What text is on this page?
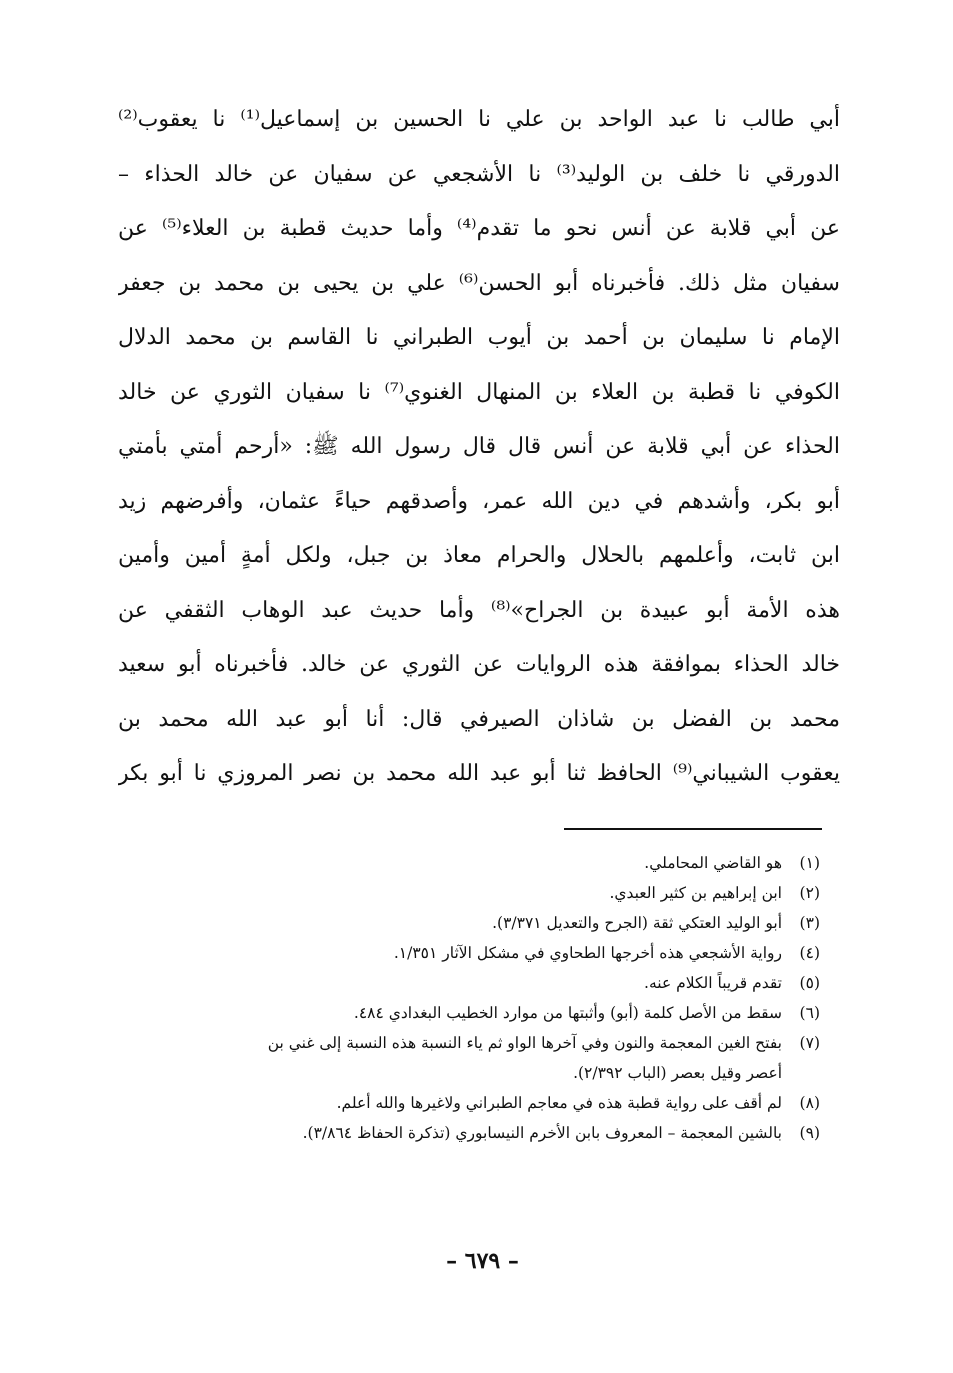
أبي طالب نا عبد الواحد بن علي نا الحسين بن إسماعيل⁽¹⁾ نا يعقوب⁽²⁾
الدورقي نا خلف بن الوليد⁽³⁾ نا الأشجعي عن سفيان عن خالد الحذاء –
عن أبي قلابة عن أنس نحو ما تقدم⁽⁴⁾ وأما حديث قطبة بن العلاء⁽⁵⁾ عن
سفيان مثل ذلك. فأخبرناه أبو الحسن⁽⁶⁾ علي بن يحيى بن محمد بن جعفر
الإمام نا سليمان بن أحمد بن أيوب الطبراني نا القاسم بن محمد الدلال
الكوفي نا قطبة بن العلاء بن المنهال الغنوي⁽⁷⁾ نا سفيان الثوري عن خالد
الحذاء عن أبي قلابة عن أنس قال قال رسول الله ﷺ: «أرحم أمتي بأمتي
أبو بكر، وأشدهم في دين الله عمر، وأصدقهم حياءً عثمان، وأفرضهم زيد
ابن ثابت، وأعلمهم بالحلال والحرام معاذ بن جبل، ولكل أمةٍ أمين وأمين
هذه الأمة أبو عبيدة بن الجراح»⁽⁸⁾ وأما حديث عبد الوهاب الثقفي عن
خالد الحذاء بموافقة هذه الروايات عن الثوري عن خالد. فأخبرناه أبو سعيد
محمد بن الفضل بن شاذان الصيرفي قال: أنا أبو عبد الله محمد بن
يعقوب الشيباني⁽⁹⁾ الحافظ ثنا أبو عبد الله محمد بن نصر المروزي نا أبو بكر
(١)
هو القاضي المحاملي.
(٢)
ابن إبراهيم بن كثير العبدي.
(٣)
أبو الوليد العتكي ثقة (الجرح والتعديل ٣/٣٧١).
(٤)
رواية الأشجعي هذه أخرجها الطحاوي في مشكل الآثار ١/٣٥١.
(٥)
تقدم قريباً الكلام عنه.
(٦)
سقط من الأصل كلمة (أبو) وأثبتها من موارد الخطيب البغدادي ٤٨٤.
(٧)
بفتح الغين المعجمة والنون وفي آخرها الواو ثم ياء النسبة هذه النسبة إلى غني بن
أعصر وقيل بعصر (الباب ٢/٣٩٢).
(٨)
لم أقف على رواية قطبة هذه في معاجم الطبراني ولاغيرها والله أعلم.
(٩)
بالشين المعجمة – المعروف بابن الأخرم النيسابوري (تذكرة الحفاظ ٣/٨٦٤).
– ٦٧٩ –
